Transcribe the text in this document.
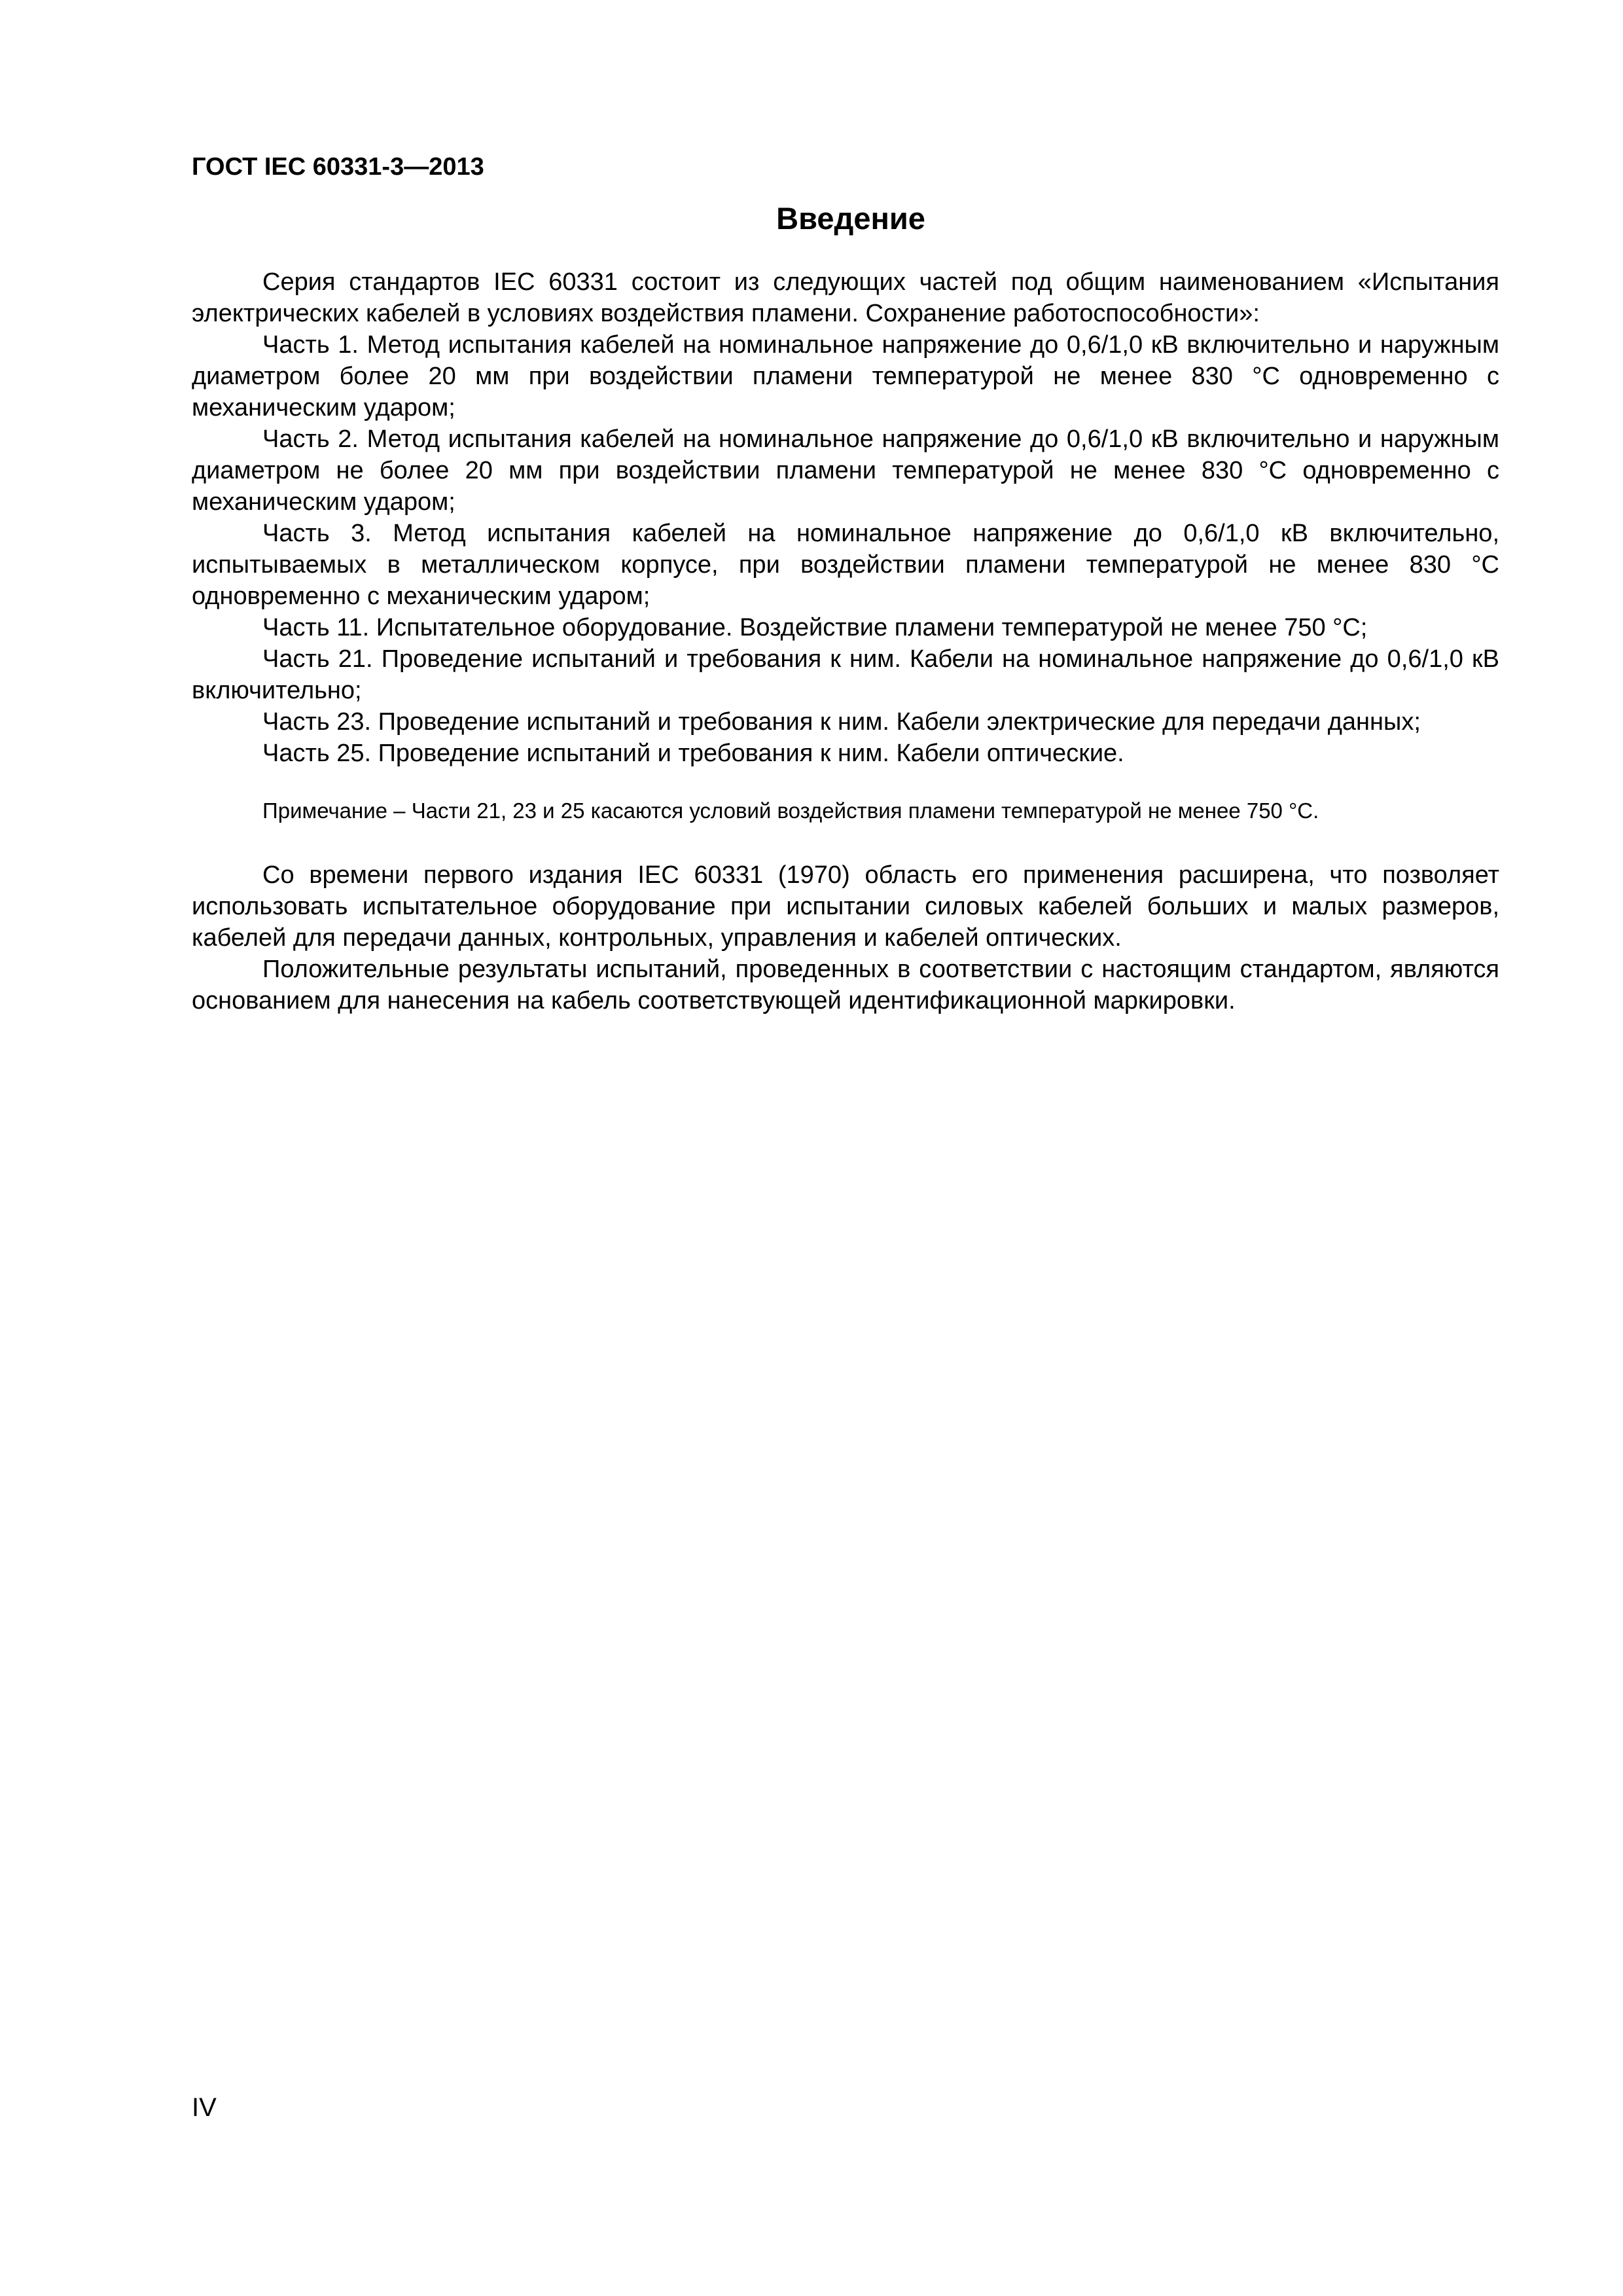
ГОСТ IEC 60331-3—2013
Введение

Серия стандартов IEC 60331 состоит из следующих частей под общим наименованием «Испытания электрических кабелей в условиях воздействия пламени. Сохранение работоспособности»:

Часть 1. Метод испытания кабелей на номинальное напряжение до 0,6/1,0 кВ включительно и наружным диаметром более 20 мм при воздействии пламени температурой не менее 830 °С одновременно с механическим ударом;

Часть 2. Метод испытания кабелей на номинальное напряжение до 0,6/1,0 кВ включительно и наружным диаметром не более 20 мм при воздействии пламени температурой не менее 830 °С одновременно с механическим ударом;

Часть 3. Метод испытания кабелей на номинальное напряжение до 0,6/1,0 кВ включительно, испытываемых в металлическом корпусе, при воздействии пламени температурой не менее 830 °С одновременно с механическим ударом;

Часть 11. Испытательное оборудование. Воздействие пламени температурой не менее 750 °С;

Часть 21. Проведение испытаний и требования к ним. Кабели на номинальное напряжение до 0,6/1,0 кВ включительно;

Часть 23. Проведение испытаний и требования к ним. Кабели электрические для передачи данных;

Часть 25. Проведение испытаний и требования к ним. Кабели оптические.

Примечание – Части 21, 23 и 25 касаются условий воздействия пламени температурой не менее 750 °С.

Со времени первого издания IEC 60331 (1970) область его применения расширена, что позволяет использовать испытательное оборудование при испытании силовых кабелей больших и малых размеров, кабелей для передачи данных, контрольных, управления и кабелей оптических.

Положительные результаты испытаний, проведенных в соответствии с настоящим стандартом, являются основанием для нанесения на кабель соответствующей идентификационной маркировки.

IV
